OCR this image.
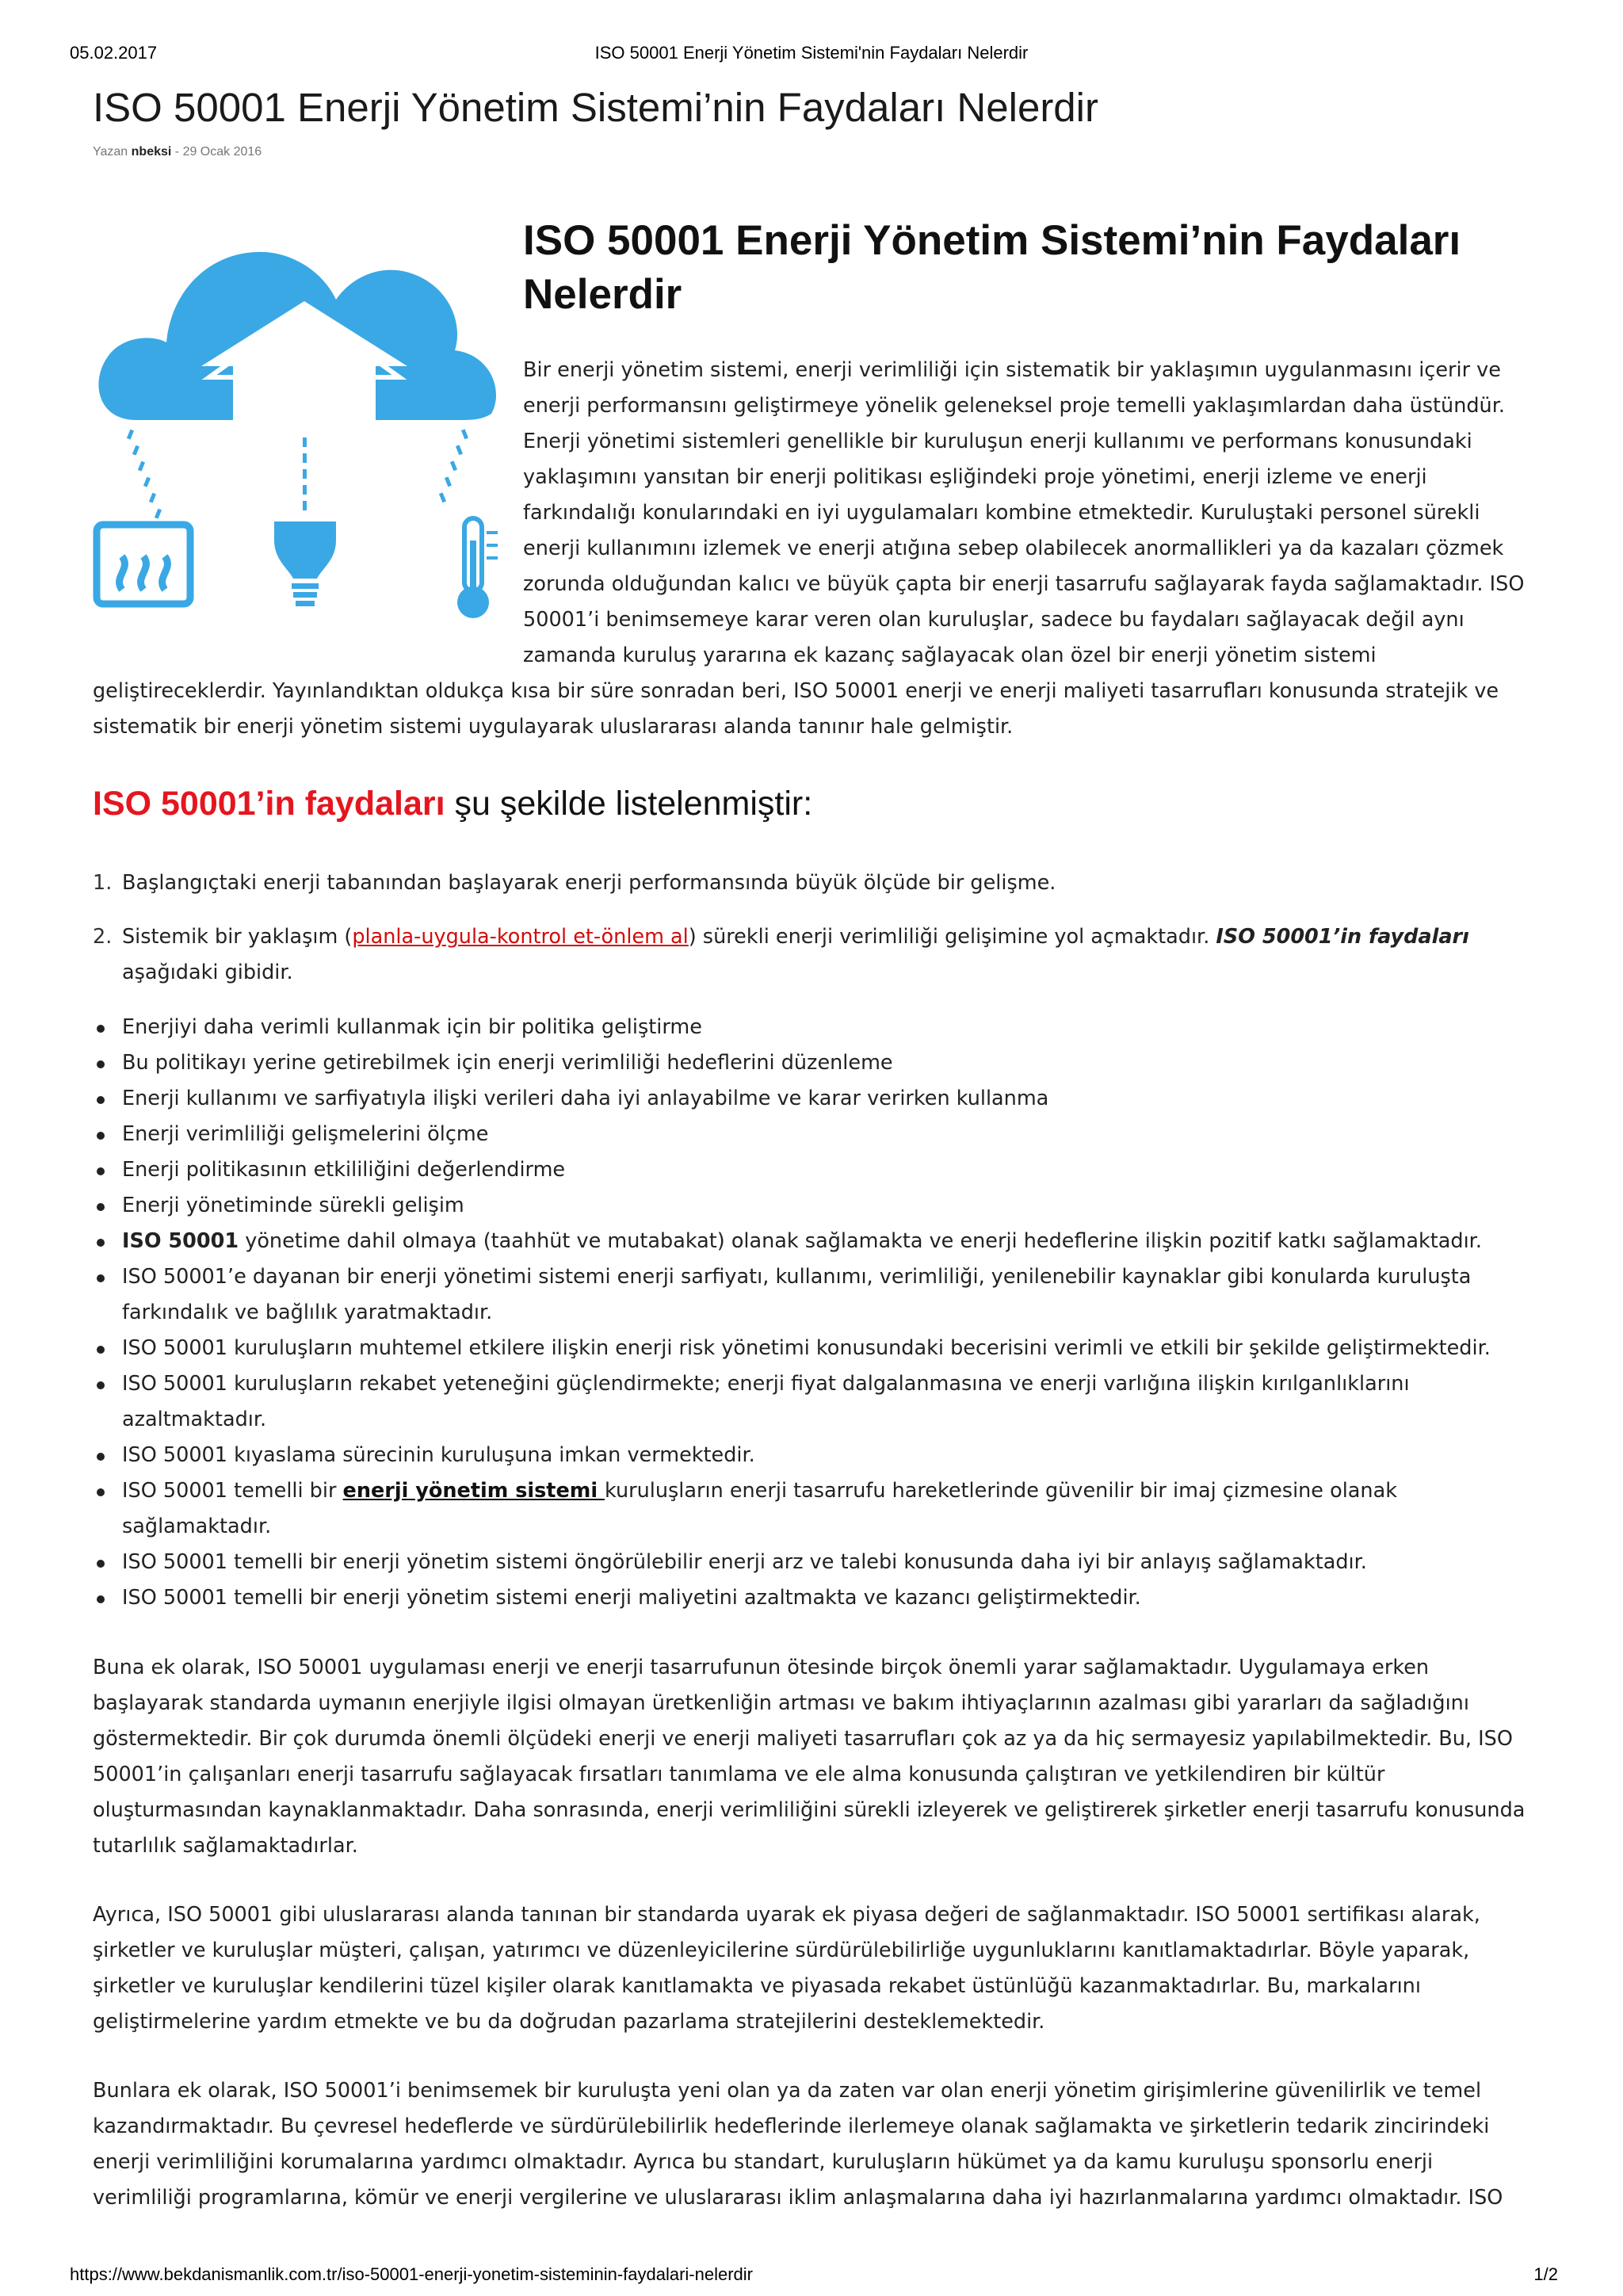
05.02.2017	ISO 50001 Enerji Yönetim Sistemi'nin Faydaları Nelerdir
ISO 50001 Enerji Yönetim Sistemi’nin Faydaları Nelerdir
Yazan nbeksi - 29 Ocak 2016
ISO 50001 Enerji Yönetim Sistemi’nin Faydaları
Nelerdir
Bir enerji yönetim sistemi, enerji verimliliği için sistematik bir yaklaşımın uygulanmasını içerir ve
enerji performansını geliştirmeye yönelik geleneksel proje temelli yaklaşımlardan daha üstündür.
Enerji yönetimi sistemleri genellikle bir kuruluşun enerji kullanımı ve performans konusundaki
yaklaşımını yansıtan bir enerji politikası eşliğindeki proje yönetimi, enerji izleme ve enerji
farkındalığı konularındaki en iyi uygulamaları kombine etmektedir. Kuruluştaki personel sürekli
enerji kullanımını izlemek ve enerji atığına sebep olabilecek anormallikleri ya da kazaları çözmek
zorunda olduğundan kalıcı ve büyük çapta bir enerji tasarrufu sağlayarak fayda sağlamaktadır. ISO
50001’i benimsemeye karar veren olan kuruluşlar, sadece bu faydaları sağlayacak değil aynı
zamanda kuruluş yararına ek kazanç sağlayacak olan özel bir enerji yönetim sistemi
geliştireceklerdir. Yayınlandıktan oldukça kısa bir süre sonradan beri, ISO 50001 enerji ve enerji maliyeti tasarrufları konusunda stratejik ve
sistematik bir enerji yönetim sistemi uygulayarak uluslararası alanda tanınır hale gelmiştir.
ISO 50001’in faydaları şu şekilde listelenmiştir:
1. Başlangıçtaki enerji tabanından başlayarak enerji performansında büyük ölçüde bir gelişme.
2. Sistemik bir yaklaşım (planla-uygula-kontrol et-önlem al) sürekli enerji verimliliği gelişimine yol açmaktadır. ISO 50001’in faydaları
aşağıdaki gibidir.
Enerjiyi daha verimli kullanmak için bir politika geliştirme
Bu politikayı yerine getirebilmek için enerji verimliliği hedeflerini düzenleme
Enerji kullanımı ve sarfiyatıyla ilişki verileri daha iyi anlayabilme ve karar verirken kullanma
Enerji verimliliği gelişmelerini ölçme
Enerji politikasının etkililiğini değerlendirme
Enerji yönetiminde sürekli gelişim
ISO 50001 yönetime dahil olmaya (taahhüt ve mutabakat) olanak sağlamakta ve enerji hedeflerine ilişkin pozitif katkı sağlamaktadır.
ISO 50001’e dayanan bir enerji yönetimi sistemi enerji sarfiyatı, kullanımı, verimliliği, yenilenebilir kaynaklar gibi konularda kuruluşta
farkındalık ve bağlılık yaratmaktadır.
ISO 50001 kuruluşların muhtemel etkilere ilişkin enerji risk yönetimi konusundaki becerisini verimli ve etkili bir şekilde geliştirmektedir.
ISO 50001 kuruluşların rekabet yeteneğini güçlendirmekte; enerji fiyat dalgalanmasına ve enerji varlığına ilişkin kırılganlıklarını
azaltmaktadır.
ISO 50001 kıyaslama sürecinin kuruluşuna imkan vermektedir.
ISO 50001 temelli bir enerji yönetim sistemi kuruluşların enerji tasarrufu hareketlerinde güvenilir bir imaj çizmesine olanak
sağlamaktadır.
ISO 50001 temelli bir enerji yönetim sistemi öngörülebilir enerji arz ve talebi konusunda daha iyi bir anlayış sağlamaktadır.
ISO 50001 temelli bir enerji yönetim sistemi enerji maliyetini azaltmakta ve kazancı geliştirmektedir.
Buna ek olarak, ISO 50001 uygulaması enerji ve enerji tasarrufunun ötesinde birçok önemli yarar sağlamaktadır. Uygulamaya erken
başlayarak standarda uymanın enerjiyle ilgisi olmayan üretkenliğin artması ve bakım ihtiyaçlarının azalması gibi yararları da sağladığını
göstermektedir. Bir çok durumda önemli ölçüdeki enerji ve enerji maliyeti tasarrufları çok az ya da hiç sermayesiz yapılabilmektedir. Bu, ISO
50001’in çalışanları enerji tasarrufu sağlayacak fırsatları tanımlama ve ele alma konusunda çalıştıran ve yetkilendiren bir kültür
oluşturmasından kaynaklanmaktadır. Daha sonrasında, enerji verimliliğini sürekli izleyerek ve geliştirerek şirketler enerji tasarrufu konusunda
tutarlılık sağlamaktadırlar.
Ayrıca, ISO 50001 gibi uluslararası alanda tanınan bir standarda uyarak ek piyasa değeri de sağlanmaktadır. ISO 50001 sertifikası alarak,
şirketler ve kuruluşlar müşteri, çalışan, yatırımcı ve düzenleyicilerine sürdürülebilirliğe uygunluklarını kanıtlamaktadırlar. Böyle yaparak,
şirketler ve kuruluşlar kendilerini tüzel kişiler olarak kanıtlamakta ve piyasada rekabet üstünlüğü kazanmaktadırlar. Bu, markalarını
geliştirmelerine yardım etmekte ve bu da doğrudan pazarlama stratejilerini desteklemektedir.
Bunlara ek olarak, ISO 50001’i benimsemek bir kuruluşta yeni olan ya da zaten var olan enerji yönetim girişimlerine güvenilirlik ve temel
kazandırmaktadır. Bu çevresel hedeflerde ve sürdürülebilirlik hedeflerinde ilerlemeye olanak sağlamakta ve şirketlerin tedarik zincirindeki
enerji verimliliğini korumalarına yardımcı olmaktadır. Ayrıca bu standart, kuruluşların hükümet ya da kamu kuruluşu sponsorlu enerji
verimliliği programlarına, kömür ve enerji vergilerine ve uluslararası iklim anlaşmalarına daha iyi hazırlanmalarına yardımcı olmaktadır. ISO
https://www.bekdanismanlik.com.tr/iso-50001-enerji-yonetim-sisteminin-faydalari-nelerdir	1/2
